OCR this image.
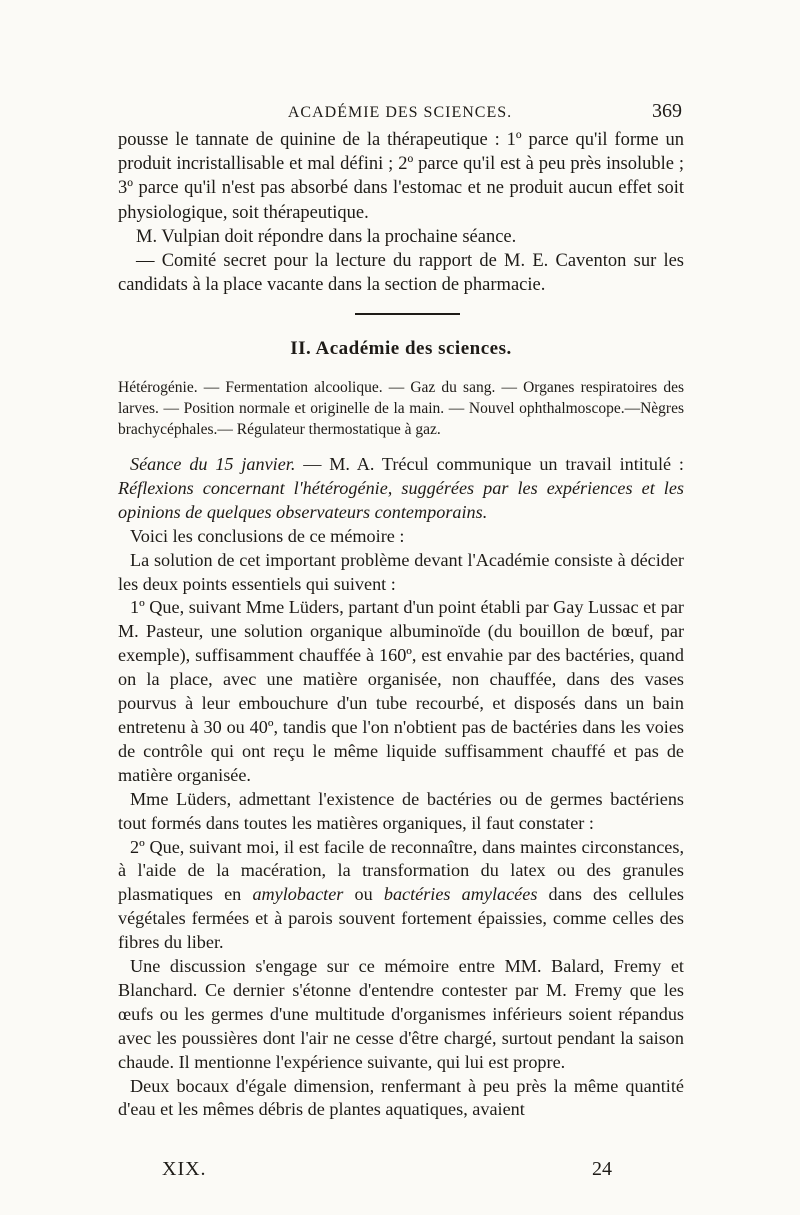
ACADÉMIE DES SCIENCES.	369

pousse le tannate de quinine de la thérapeutique : 1º parce qu'il forme un produit incristallisable et mal défini ; 2º parce qu'il est à peu près insoluble ; 3º parce qu'il n'est pas absorbé dans l'estomac et ne produit aucun effet soit physiologique, soit thérapeutique.

M. Vulpian doit répondre dans la prochaine séance.

— Comité secret pour la lecture du rapport de M. E. Caventon sur les candidats à la place vacante dans la section de pharmacie.

II. Académie des sciences.

Hétérogénie. — Fermentation alcoolique. — Gaz du sang. — Organes respiratoires des larves. — Position normale et originelle de la main. — Nouvel ophthalmoscope.—Nègres brachycéphales.— Régulateur thermostatique à gaz.

Séance du 15 janvier. — M. A. Trécul communique un travail intitulé : Réflexions concernant l'hétérogénie, suggérées par les expériences et les opinions de quelques observateurs contemporains.

Voici les conclusions de ce mémoire :

La solution de cet important problème devant l'Académie consiste à décider les deux points essentiels qui suivent :

1º Que, suivant Mme Lüders, partant d'un point établi par Gay Lussac et par M. Pasteur, une solution organique albuminoïde (du bouillon de bœuf, par exemple), suffisamment chauffée à 160º, est envahie par des bactéries, quand on la place, avec une matière organisée, non chauffée, dans des vases pourvus à leur embouchure d'un tube recourbé, et disposés dans un bain entretenu à 30 ou 40º, tandis que l'on n'obtient pas de bactéries dans les voies de contrôle qui ont reçu le même liquide suffisamment chauffé et pas de matière organisée.

Mme Lüders, admettant l'existence de bactéries ou de germes bactériens tout formés dans toutes les matières organiques, il faut constater :

2º Que, suivant moi, il est facile de reconnaître, dans maintes circonstances, à l'aide de la macération, la transformation du latex ou des granules plasmatiques en amylobacter ou bactéries amylacées dans des cellules végétales fermées et à parois souvent fortement épaissies, comme celles des fibres du liber.

Une discussion s'engage sur ce mémoire entre MM. Balard, Fremy et Blanchard. Ce dernier s'étonne d'entendre contester par M. Fremy que les œufs ou les germes d'une multitude d'organismes inférieurs soient répandus avec les poussières dont l'air ne cesse d'être chargé, surtout pendant la saison chaude. Il mentionne l'expérience suivante, qui lui est propre.

Deux bocaux d'égale dimension, renfermant à peu près la même quantité d'eau et les mêmes débris de plantes aquatiques, avaient

XIX.	24
